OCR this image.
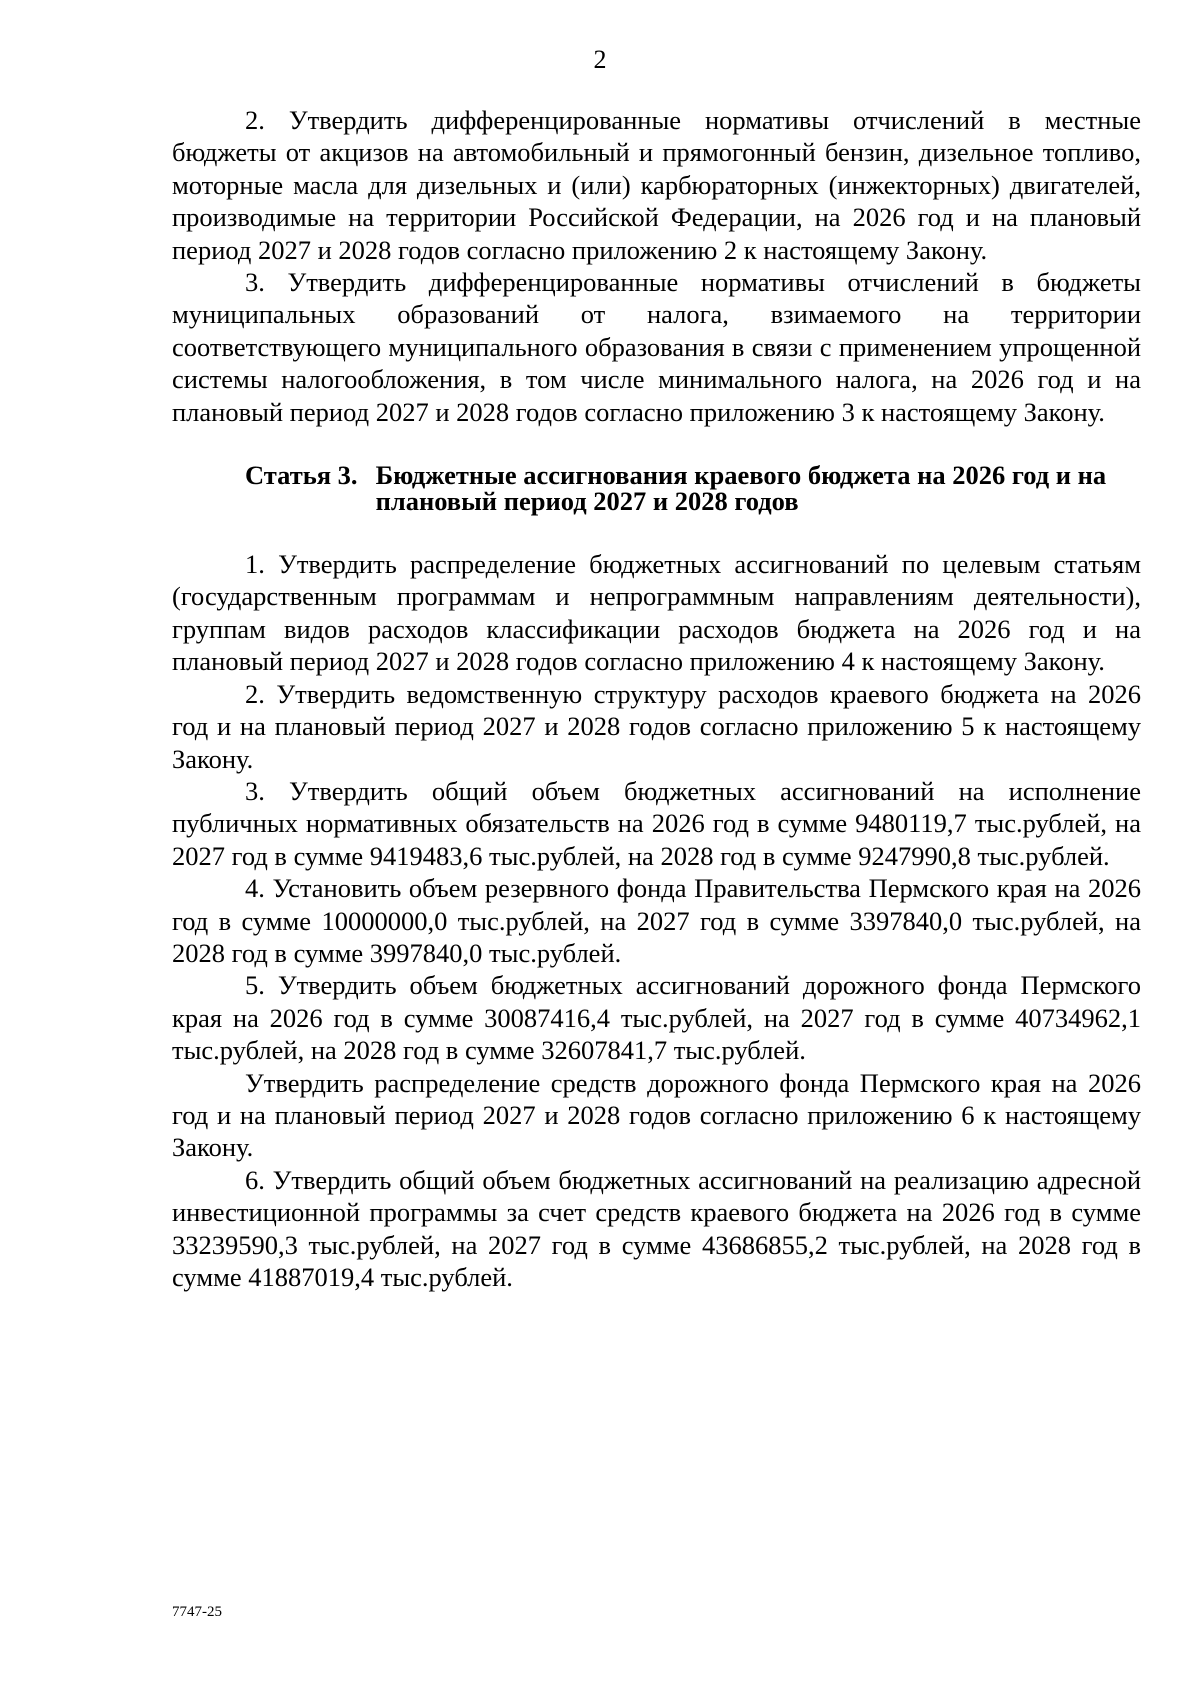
2

2. Утвердить дифференцированные нормативы отчислений в местные бюджеты от акцизов на автомобильный и прямогонный бензин, дизельное топливо, моторные масла для дизельных и (или) карбюраторных (инжекторных) двигателей, производимые на территории Российской Федерации, на 2026 год и на плановый период 2027 и 2028 годов согласно приложению 2 к настоящему Закону.

3. Утвердить дифференцированные нормативы отчислений в бюджеты муниципальных образований от налога, взимаемого на территории соответствующего муниципального образования в связи с применением упрощенной системы налогообложения, в том числе минимального налога, на 2026 год и на плановый период 2027 и 2028 годов согласно приложению 3 к настоящему Закону.

Статья 3. Бюджетные ассигнования краевого бюджета на 2026 год и на плановый период 2027 и 2028 годов

1. Утвердить распределение бюджетных ассигнований по целевым статьям (государственным программам и непрограммным направлениям деятельности), группам видов расходов классификации расходов бюджета на 2026 год и на плановый период 2027 и 2028 годов согласно приложению 4 к настоящему Закону.

2. Утвердить ведомственную структуру расходов краевого бюджета на 2026 год и на плановый период 2027 и 2028 годов согласно приложению 5 к настоящему Закону.

3. Утвердить общий объем бюджетных ассигнований на исполнение публичных нормативных обязательств на 2026 год в сумме 9480119,7 тыс.рублей, на 2027 год в сумме 9419483,6 тыс.рублей, на 2028 год в сумме 9247990,8 тыс.рублей.

4. Установить объем резервного фонда Правительства Пермского края на 2026 год в сумме 10000000,0 тыс.рублей, на 2027 год в сумме 3397840,0 тыс.рублей, на 2028 год в сумме 3997840,0 тыс.рублей.

5. Утвердить объем бюджетных ассигнований дорожного фонда Пермского края на 2026 год в сумме 30087416,4 тыс.рублей, на 2027 год в сумме 40734962,1 тыс.рублей, на 2028 год в сумме 32607841,7 тыс.рублей.

Утвердить распределение средств дорожного фонда Пермского края на 2026 год и на плановый период 2027 и 2028 годов согласно приложению 6 к настоящему Закону.

6. Утвердить общий объем бюджетных ассигнований на реализацию адресной инвестиционной программы за счет средств краевого бюджета на 2026 год в сумме 33239590,3 тыс.рублей, на 2027 год в сумме 43686855,2 тыс.рублей, на 2028 год в сумме 41887019,4 тыс.рублей.

7747-25
